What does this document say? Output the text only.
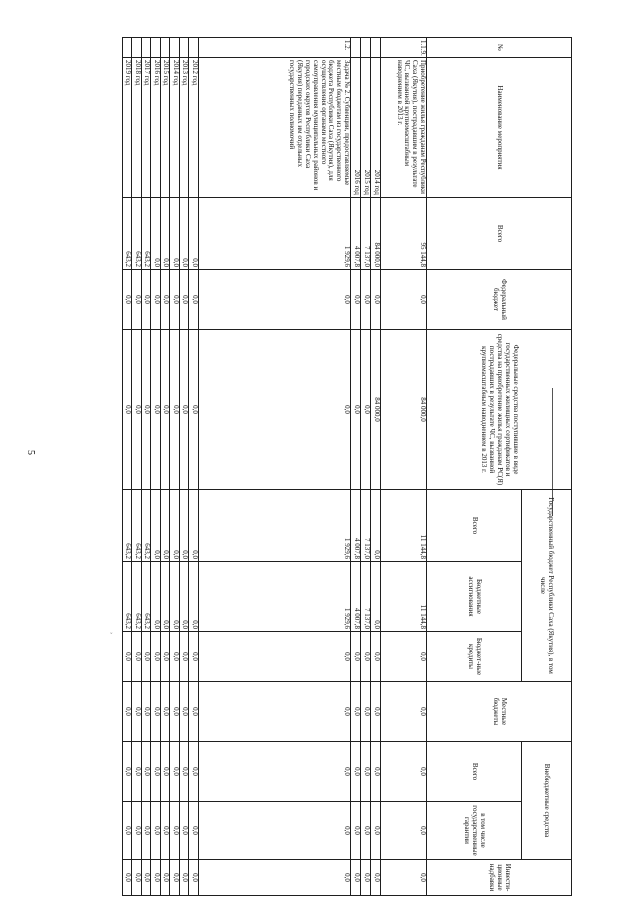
5
¸
№	Наименование мероприятия	Всего	Федеральный бюджет	Федеральные средства поступившие в виде государственных жилищных сертификатов и средства на приобретение жилья гражданам РС(Я) пострадавших в результате ЧС, вызванной крупномасштабным наводнением в 2013 г.	Государственный бюджет Республики Саха (Якутия), в том числе			Местные бюджеты	Внебюджетные средства		Инвести-ционные надбавки
					Всего	Бюджетные ассигнования	Бюджет-ные кредиты		Всего	в том числе государственные гарантии	
1.1.9.	Приобретение жилья гражданам Республики Саха (Якутия), пострадавшим в результате ЧС, вызванной крупномасштабным наводнением в 2013 г.	95 144,8	0,0	84 000,0	11 144,8	11 144,8	0,0	0,0	0,0	0,0	0,0
	2014 год	84 000,0	0,0	84 000,0	0,0	0,0	0,0	0,0	0,0	0,0	0,0
	2015 год	7 137,0	0,0	0,0	7 137,0	7 137,0	0,0	0,0	0,0	0,0	0,0
	2016 год	4 007,8	0,0	0,0	4 007,8	4 007,8	0,0	0,0	0,0	0,0	0,0
1.2.	Задача № 2. Субвенции, предоставляемые местным бюджетам из государственного бюджета Республики Саха (Якутия), для осуществления органами местного самоуправления муниципальных районов и городских округов Республики Саха (Якутия) переданных им отдельных государственных полномочий	1 929,6	0,0	0,0	1 929,6	1 929,6	0,0	0,0	0,0	0,0	0,0
	2012 год	0,0	0,0	0,0	0,0	0,0	0,0	0,0	0,0	0,0	0,0
	2013 год	0,0	0,0	0,0	0,0	0,0	0,0	0,0	0,0	0,0	0,0
	2014 год	0,0	0,0	0,0	0,0	0,0	0,0	0,0	0,0	0,0	0,0
	2015 год	0,0	0,0	0,0	0,0	0,0	0,0	0,0	0,0	0,0	0,0
	2016 год	0,0	0,0	0,0	0,0	0,0	0,0	0,0	0,0	0,0	0,0
	2017 год	643,2	0,0	0,0	643,2	643,2	0,0	0,0	0,0	0,0	0,0
	2018 год	643,2	0,0	0,0	643,2	643,2	0,0	0,0	0,0	0,0	0,0
	2019 год	643,2	0,0	0,0	643,2	643,2	0,0	0,0	0,0	0,0	0,0
